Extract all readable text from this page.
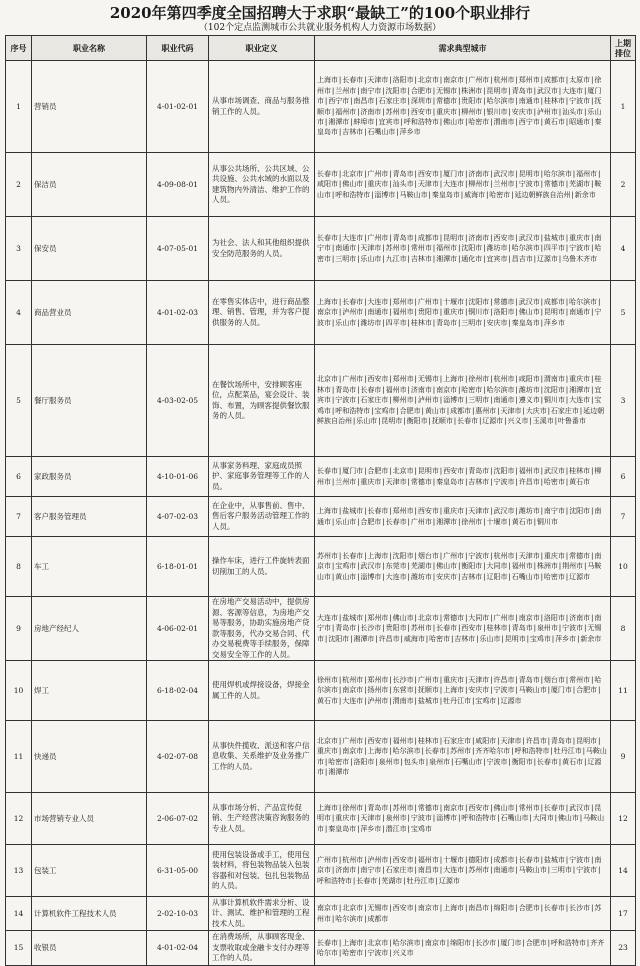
2020年第四季度全国招聘大于求职“最缺工”的100个职业排行
（102个定点监测城市公共就业服务机构人力资源市场数据）
序号	职业名称	职业代码	职业定义	需求典型城市	上期排位
1	营销员	4-01-02-01	从事市场调查、商品与服务推销工作的人员。	上海市|长春市|天津市|洛阳市|北京市|南京市|广州市|杭州市|郑州市|成都市|太原市|徐州市|兰州市|南宁市|沈阳市|合肥市|无锡市|株洲市|昆明市|青岛市|武汉市|大连市|厦门市|西宁市|南昌市|石家庄市|深圳市|常德市|贵阳市|哈尔滨市|南通市|桂林市|宁波市|抚顺市|福州市|济南市|苏州市|西安市|重庆市|柳州市|银川市|安庆市|泸州市|汕头市|乐山市|湘潭市|蚌埠市|宜宾市|呼和浩特市|佛山市|哈密市|渭南市|西宁市|黄石市|昭通市|秦皇岛市|吉林市|石嘴山市|萍乡市	1
2	保洁员	4-09-08-01	从事公共场所、公共区域、公共设施、公共水域的水面以及建筑物内外清洁、维护工作的人员。	长春市|北京市|广州市|青岛市|西安市|厦门市|济南市|武汉市|昆明市|哈尔滨市|福州市|咸阳市|佛山市|重庆市|汕头市|天津市|大连市|柳州市|兰州市|宁波市|常德市|芜湖市|鞍山市|呼和浩特市|淄博市|马鞍山市|秦皇岛市|威海市|哈密市|延边朝鲜族自治州|新余市	2
3	保安员	4-07-05-01	为社会、法人和其他组织提供安全防范服务的人员。	长春市|大连市|广州市|青岛市|成都市|昆明市|济南市|西安市|武汉市|盐城市|重庆市|南宁市|南通市|天津市|苏州市|常州市|福州市|沈阳市|潍坊市|哈尔滨市|四平市|宁波市|哈密市|三明市|乐山市|九江市|吉林市|湘潭市|通化市|宜宾市|昌吉市|辽源市|乌鲁木齐市	4
4	商品营业员	4-01-02-03	在零售实体店中，进行商品整理、销售、管理，并为客户提供服务的人员。	上海市|长春市|大连市|郑州市|广州市|十堰市|沈阳市|常德市|武汉市|成都市|哈尔滨市|南京市|泸州市|南通市|福州市|贵阳市|重庆市|铜川市|洛阳市|佛山市|昆明市|南通市|宁波市|乐山市|潍坊市|四平市|桂林市|青岛市|三明市|安庆市|秦皇岛市|萍乡市	5
5	餐厅服务员	4-03-02-05	在餐饮场所中，安排顾客座位，点配菜品，宴会设计、装饰、布置，为顾客提供餐饮服务的人员。	北京市|广州市|西安市|郑州市|无锡市|上海市|徐州市|杭州市|咸阳市|渭南市|重庆市|桂林市|青岛市|长春市|福州市|济南市|南京市|哈密市|哈尔滨市|潍坊市|沈阳市|湘潭市|宜宾市|宁波市|石家庄市|柳州市|泸州市|淄博市|三明市|南通市|遵义市|铜川市|大连市|宝鸡市|呼和浩特市|宝鸡市|合肥市|黄山市|成都市|惠州市|天津市|大庆市|石家庄市|延边朝鲜族自治州|乐山市|昆明市|衡阳市|抚顺市|长春市|辽源市|兴义市|玉溪市|叶鲁番市	3
6	家政服务员	4-10-01-06	从事家务料理、家庭成员照护、家庭事务管理等工作的人员。	长春市|厦门市|合肥市|北京市|昆明市|西安市|青岛市|沈阳市|福州市|武汉市|桂林市|柳州市|兰州市|重庆市|天津市|常德市|秦皇岛市|吉林市|宁波市|许昌市|哈密市|黄石市	6
7	客户服务管理员	4-07-02-03	在企业中，从事售前、售中、售后客户服务活动管理工作的人员。	上海市|盐城市|长春市|郑州市|西安市|重庆市|天津市|武汉市|潍坊市|南宁市|沈阳市|南通市|乐山市|合肥市|长春市|广州市|湘潭市|徐州市|十堰市|黄石市|铜川市	7
8	车工	6-18-01-01	操作车床，进行工件旋转表面切削加工的人员。	苏州市|长春市|上海市|沈阳市|烟台市|广州市|宁波市|杭州市|天津市|重庆市|常德市|南京市|宝鸡市|武汉市|东莞市|芜湖市|佛山市|衡阳市|大同市|福州市|株洲市|荆州市|马鞍山市|黄山市|淄博市|大连市|潍坊市|安庆市|吉林市|辽阳市|石嘴山市|哈密市|辽源市	10
9	房地产经纪人	4-06-02-01	在房地产交易活动中，提供房源、客源等信息，为房地产交易等服务，协助实施房地产贷款等服务，代办交易合同、代办交易税费等手续服务，保障交易安全等工作的人员。	大连市|盐城市|郑州市|佛山市|北京市|常德市|大同市|广州市|南京市|洛阳市|济南市|南宁市|青岛市|长沙市|贵阳市|苏州市|长春市|西安市|桂林市|青岛市|泉州市|宁波市|无锡市|沈阳市|湘潭市|许昌市|威海市|哈密市|吉林市|乐山市|昆明市|宝鸡市|萍乡市|新余市	8
10	焊工	6-18-02-04	使用焊机或焊接设备，焊接金属工件的人员。	徐州市|杭州市|郑州市|长沙市|广州市|重庆市|天津市|许昌市|青岛市|烟台市|常州市|哈尔滨市|南京市|扬州市|东营市|抚顺市|上海市|安庆市|宁波市|马鞍山市|厦门市|合肥市|黄石市|大连市|泸州市|渭南市|盐城市|牡丹江市|宝鸡市|辽源市	11
11	快递员	4-02-07-08	从事快件揽收、派送和客户信息收集、关系维护及业务推广工作的人员。	北京市|广州市|西安市|福州市|桂林市|石家庄市|咸阳市|天津市|许昌市|青岛市|昆明市|重庆市|南京市|上海市|哈尔滨市|长春市|苏州市|齐齐哈尔市|呼和浩特市|牡丹江市|马鞍山市|哈密市|洛阳市|泉州市|包头市|泉州市|石嘴山市|宁波市|衡阳市|长春市|黄石市|辽源市|湘潭市	9
12	市场营销专业人员	2-06-07-02	从事市场分析、产品宣传促销、生产经营决策咨询服务的专业人员。	上海市|徐州市|青岛市|苏州市|常德市|南京市|西安市|佛山市|常州市|长春市|武汉市|昆明市|重庆市|天津市|泉州市|宁波市|淄博市|呼和浩特市|石嘴山市|大同市|佛山市|马鞍山市|秦皇岛市|萍乡市|潜江市|宝鸡市	12
13	包装工	6-31-05-00	使用包装设备或手工，使用包装材料，将包装物品装入包装容器和对包装、包扎包装物品的人员。	广州市|杭州市|泸州市|西安市|福州市|十堰市|德阳市|成都市|长春市|盐城市|宁波市|南京市|济南市|南宁市|石家庄市|南昌市|大连市|苏州市|南通市|马鞍山市|三明市|宁波市|呼和浩特市|长春市|芜湖市|牡丹江市|辽源市	14
14	计算机软件工程技术人员	2-02-10-03	从事计算机软件需求分析、设计、测试、维护和管理的工程技术人员。	南京市|北京市|无锡市|西安市|南京市|上海市|南昌市|绵阳市|合肥市|长春市|长沙市|苏州市|哈尔滨市|成都市	17
15	收银员	4-01-02-04	在消费场所，从事顾客现金、支票收取或金融卡支付办理等工作的人员。	长春市|上海市|北京市|哈尔滨市|南京市|绵阳市|长沙市|厦门市|合肥市|呼和浩特市|齐齐哈尔市|哈密市|宁波市|兴义市	23
